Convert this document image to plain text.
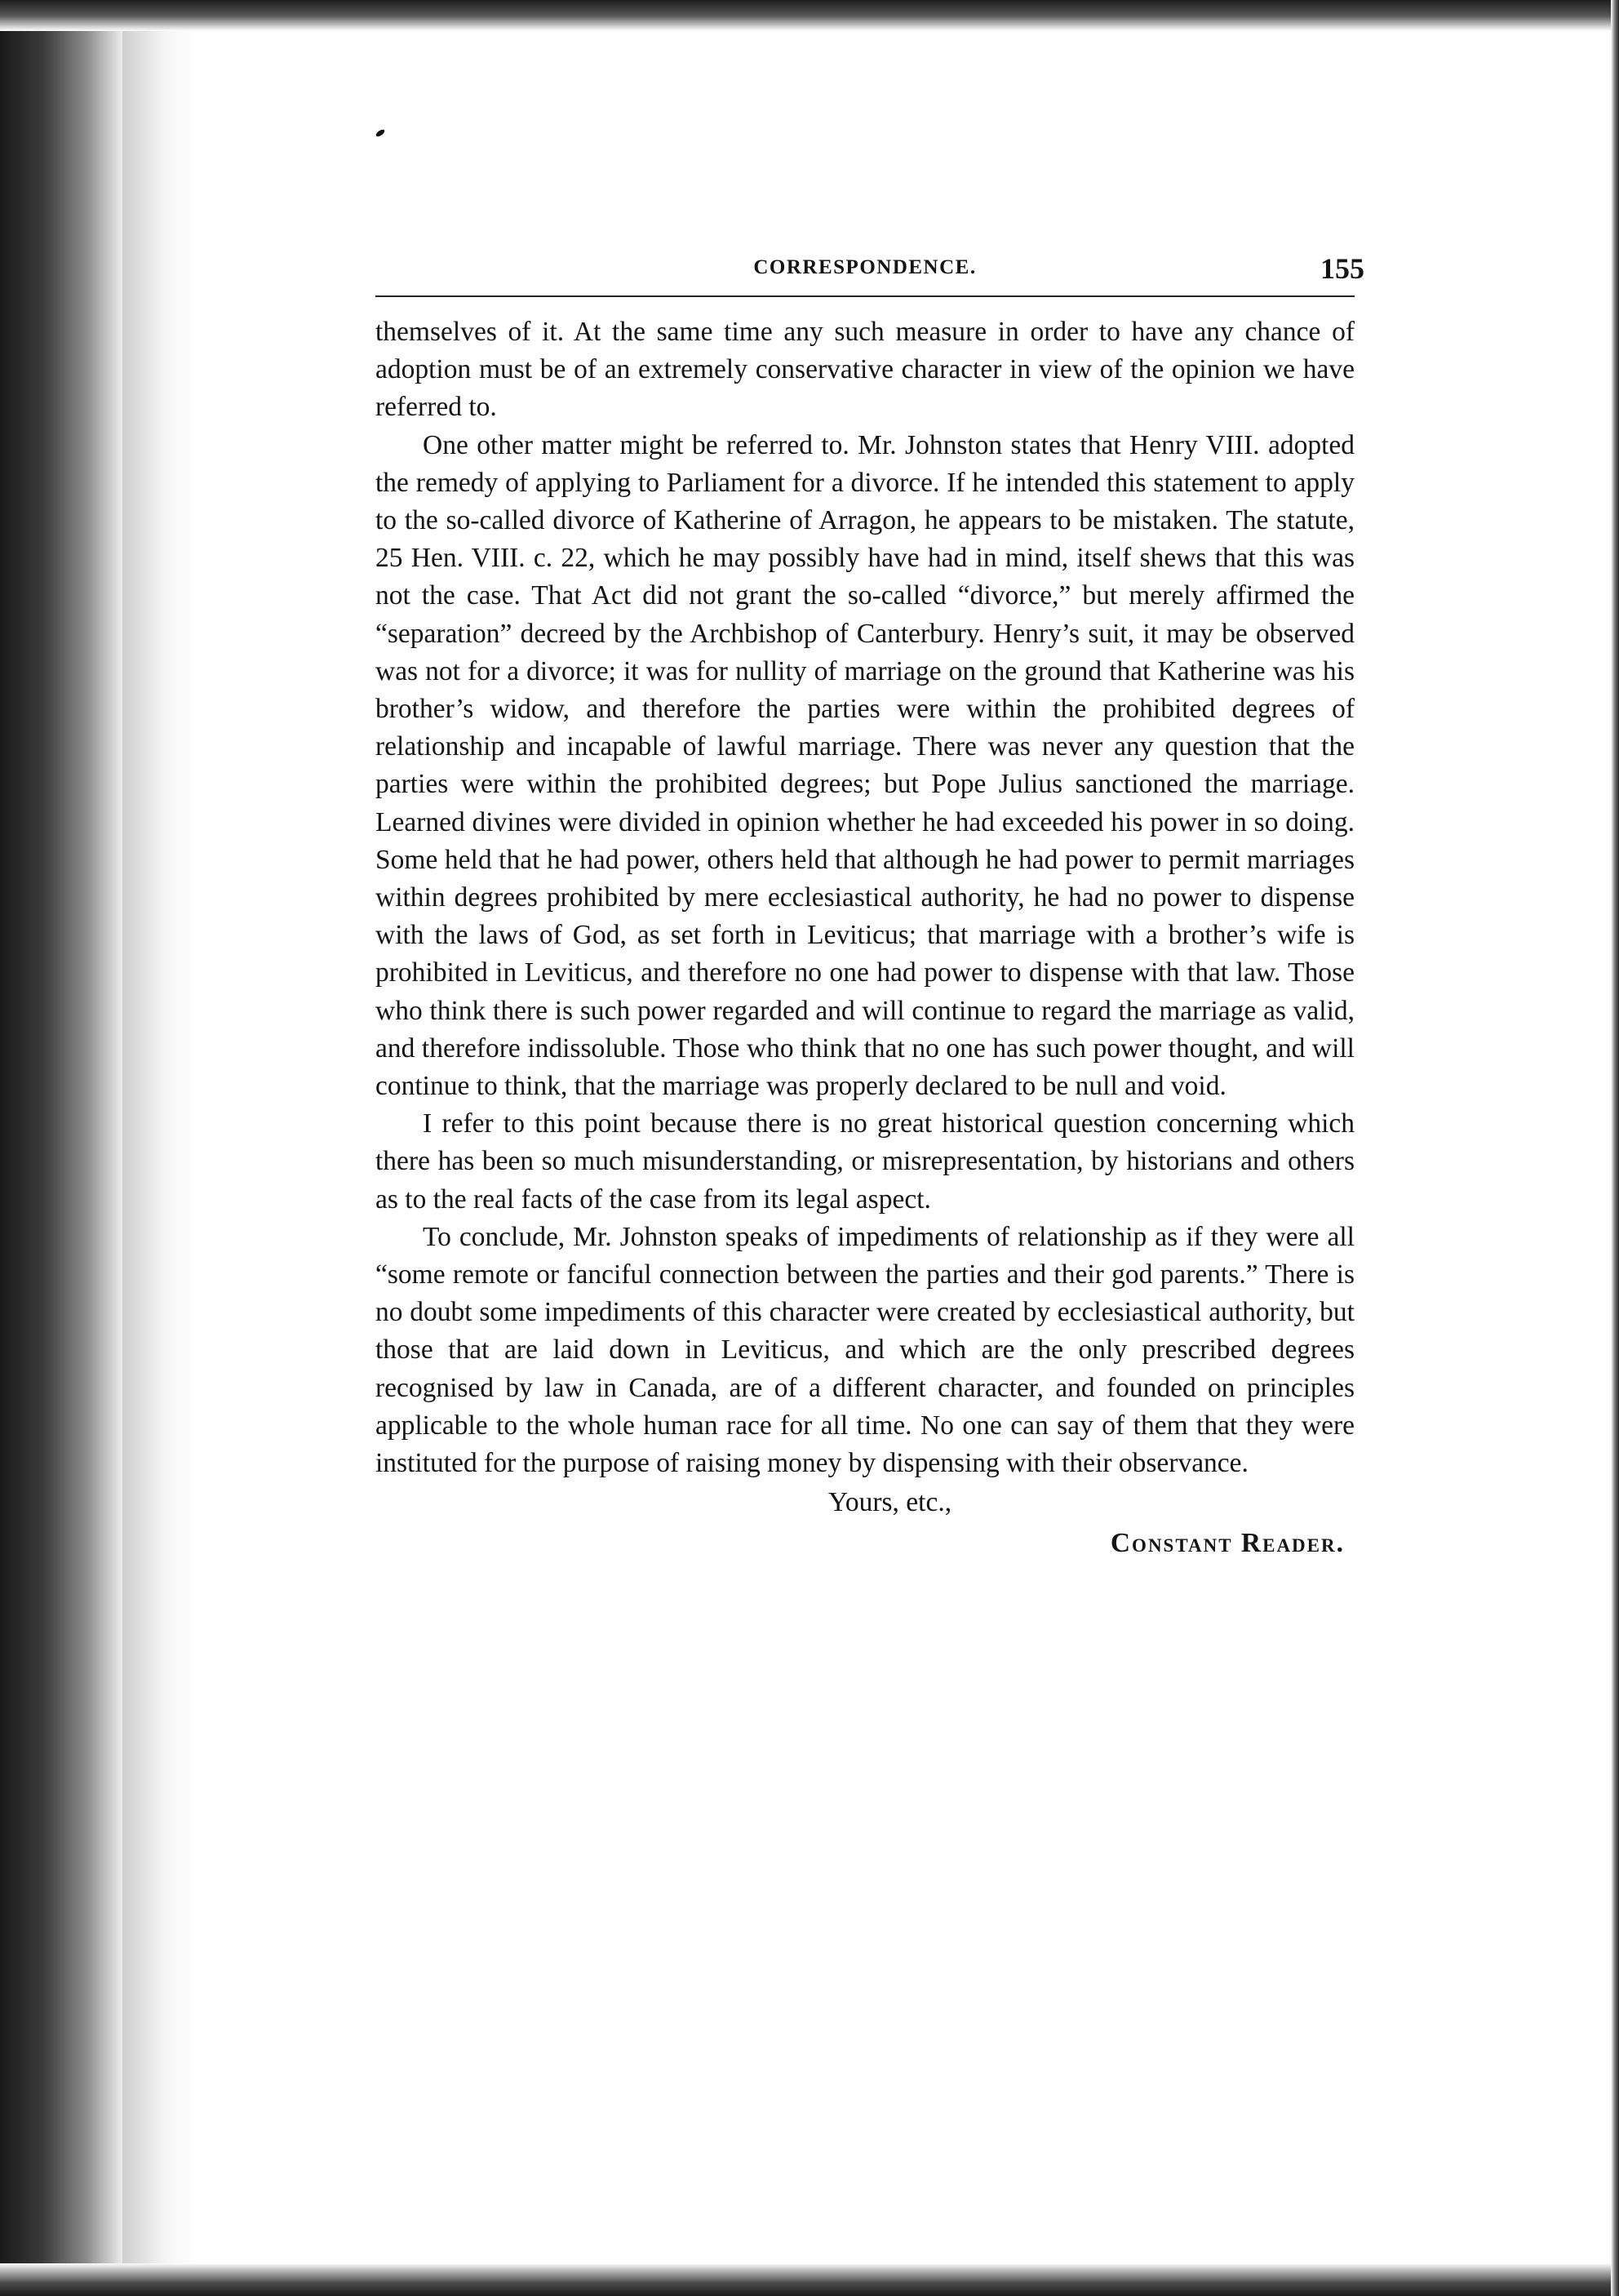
CORRESPONDENCE.	155

themselves of it. At the same time any such measure in order to have any chance of adoption must be of an extremely conservative character in view of the opinion we have referred to.

One other matter might be referred to. Mr. Johnston states that Henry VIII. adopted the remedy of applying to Parliament for a divorce. If he intended this statement to apply to the so-called divorce of Katherine of Arragon, he appears to be mistaken. The statute, 25 Hen. VIII. c. 22, which he may possibly have had in mind, itself shews that this was not the case. That Act did not grant the so-called “divorce,” but merely affirmed the “separation” decreed by the Archbishop of Canterbury. Henry’s suit, it may be observed was not for a divorce; it was for nullity of marriage on the ground that Katherine was his brother’s widow, and therefore the parties were within the prohibited degrees of relationship and incapable of lawful marriage. There was never any question that the parties were within the prohibited degrees; but Pope Julius sanctioned the marriage. Learned divines were divided in opinion whether he had exceeded his power in so doing. Some held that he had power, others held that although he had power to permit marriages within degrees prohibited by mere ecclesiastical authority, he had no power to dispense with the laws of God, as set forth in Leviticus; that marriage with a brother’s wife is prohibited in Leviticus, and therefore no one had power to dispense with that law. Those who think there is such power regarded and will continue to regard the marriage as valid, and therefore indissoluble. Those who think that no one has such power thought, and will continue to think, that the marriage was properly declared to be null and void.

I refer to this point because there is no great historical question concerning which there has been so much misunderstanding, or misrepresentation, by historians and others as to the real facts of the case from its legal aspect.

To conclude, Mr. Johnston speaks of impediments of relationship as if they were all “some remote or fanciful connection between the parties and their god parents.” There is no doubt some impediments of this character were created by ecclesiastical authority, but those that are laid down in Leviticus, and which are the only prescribed degrees recognised by law in Canada, are of a different character, and founded on principles applicable to the whole human race for all time. No one can say of them that they were instituted for the purpose of raising money by dispensing with their observance.

Yours, etc.,
Constant Reader.
